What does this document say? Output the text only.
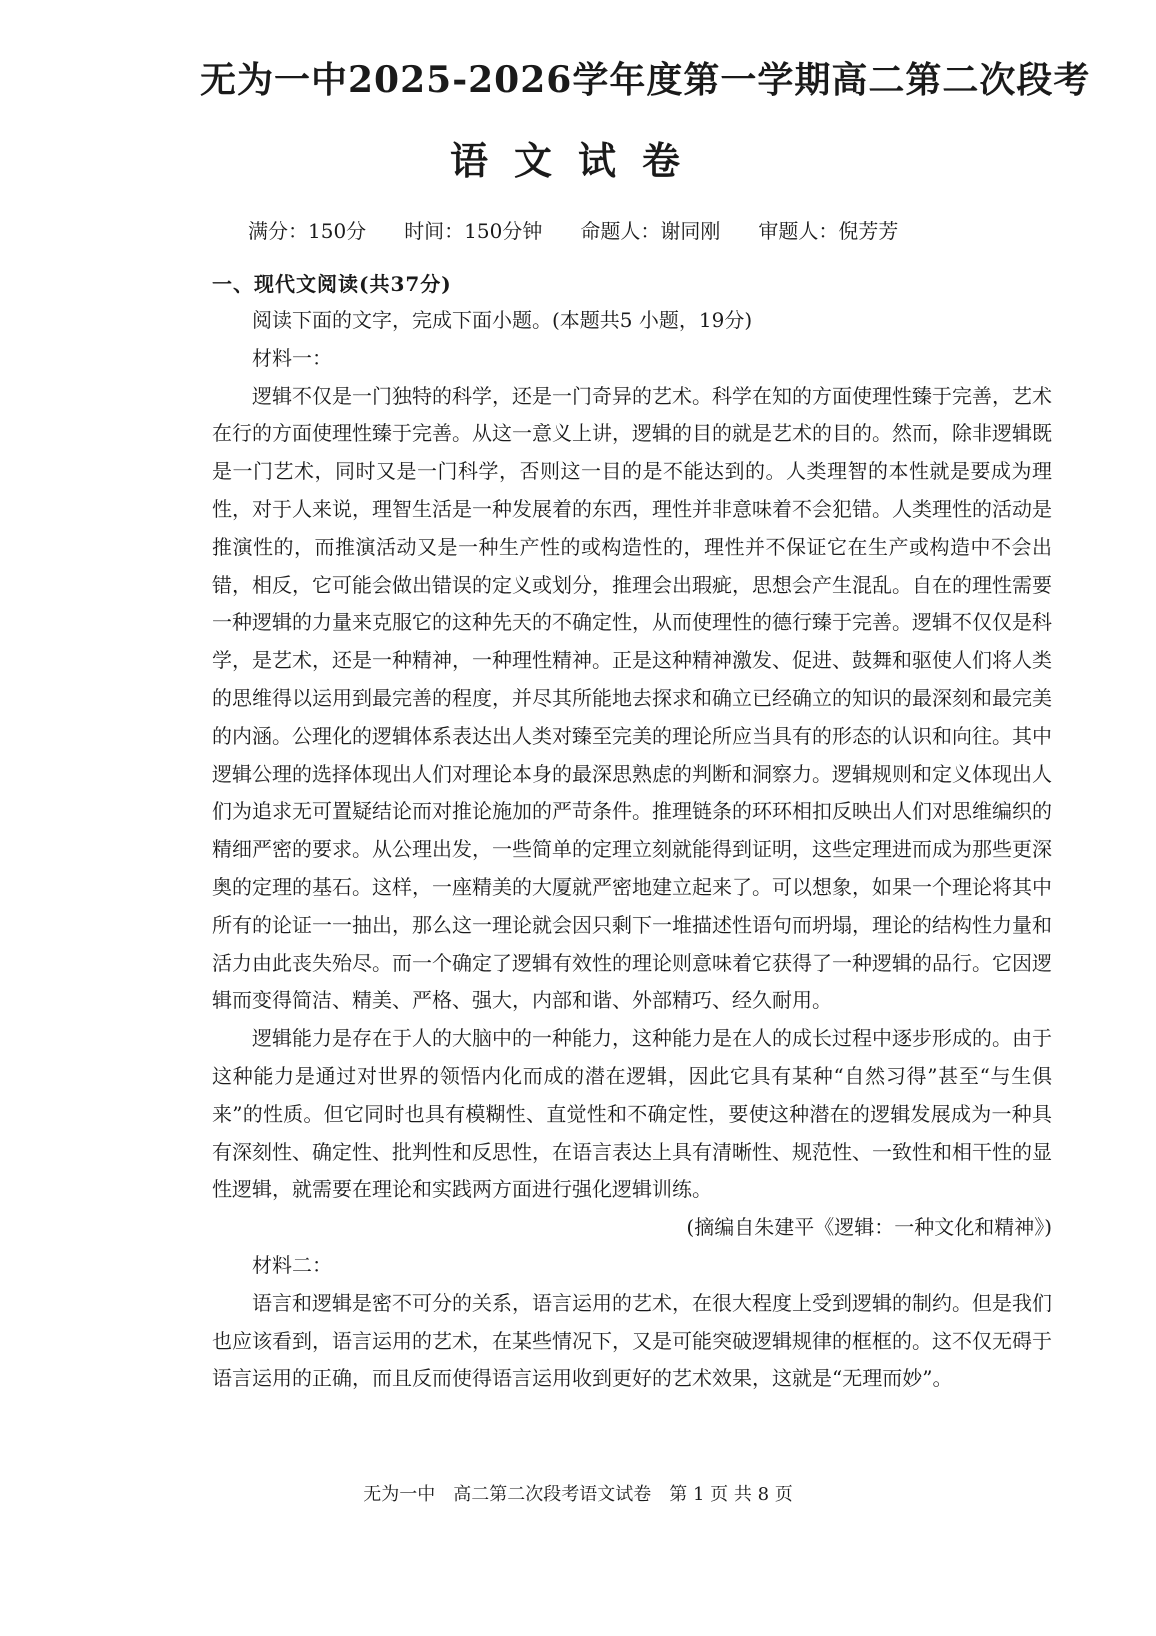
无为一中2025-2026学年度第一学期高二第二次段考
语文试卷
满分：150分 时间：150分钟 命题人：谢同刚 审题人：倪芳芳
一、现代文阅读(共37分)

阅读下面的文字，完成下面小题。(本题共5 小题，19分)

材料一：

逻辑不仅是一门独特的科学，还是一门奇异的艺术。科学在知的方面使理性臻于完善，艺术在行的方面使理性臻于完善。从这一意义上讲，逻辑的目的就是艺术的目的。然而，除非逻辑既是一门艺术，同时又是一门科学，否则这一目的是不能达到的。人类理智的本性就是要成为理性，对于人来说，理智生活是一种发展着的东西，理性并非意味着不会犯错。人类理性的活动是推演性的，而推演活动又是一种生产性的或构造性的，理性并不保证它在生产或构造中不会出错，相反，它可能会做出错误的定义或划分，推理会出瑕疵，思想会产生混乱。自在的理性需要一种逻辑的力量来克服它的这种先天的不确定性，从而使理性的德行臻于完善。逻辑不仅仅是科学，是艺术，还是一种精神，一种理性精神。正是这种精神激发、促进、鼓舞和驱使人们将人类的思维得以运用到最完善的程度，并尽其所能地去探求和确立已经确立的知识的最深刻和最完美的内涵。公理化的逻辑体系表达出人类对臻至完美的理论所应当具有的形态的认识和向往。其中逻辑公理的选择体现出人们对理论本身的最深思熟虑的判断和洞察力。逻辑规则和定义体现出人们为追求无可置疑结论而对推论施加的严苛条件。推理链条的环环相扣反映出人们对思维编织的精细严密的要求。从公理出发，一些简单的定理立刻就能得到证明，这些定理进而成为那些更深奥的定理的基石。这样，一座精美的大厦就严密地建立起来了。可以想象，如果一个理论将其中所有的论证一一抽出，那么这一理论就会因只剩下一堆描述性语句而坍塌，理论的结构性力量和活力由此丧失殆尽。而一个确定了逻辑有效性的理论则意味着它获得了一种逻辑的品行。它因逻辑而变得简洁、精美、严格、强大，内部和谐、外部精巧、经久耐用。

逻辑能力是存在于人的大脑中的一种能力，这种能力是在人的成长过程中逐步形成的。由于这种能力是通过对世界的领悟内化而成的潜在逻辑，因此它具有某种“自然习得”甚至“与生俱来”的性质。但它同时也具有模糊性、直觉性和不确定性，要使这种潜在的逻辑发展成为一种具有深刻性、确定性、批判性和反思性，在语言表达上具有清晰性、规范性、一致性和相干性的显性逻辑，就需要在理论和实践两方面进行强化逻辑训练。

(摘编自朱建平《逻辑：一种文化和精神》)

材料二：

语言和逻辑是密不可分的关系，语言运用的艺术，在很大程度上受到逻辑的制约。但是我们也应该看到，语言运用的艺术，在某些情况下，又是可能突破逻辑规律的框框的。这不仅无碍于语言运用的正确，而且反而使得语言运用收到更好的艺术效果，这就是“无理而妙”。

无为一中　高二第二次段考语文试卷　第 1 页 共 8 页
